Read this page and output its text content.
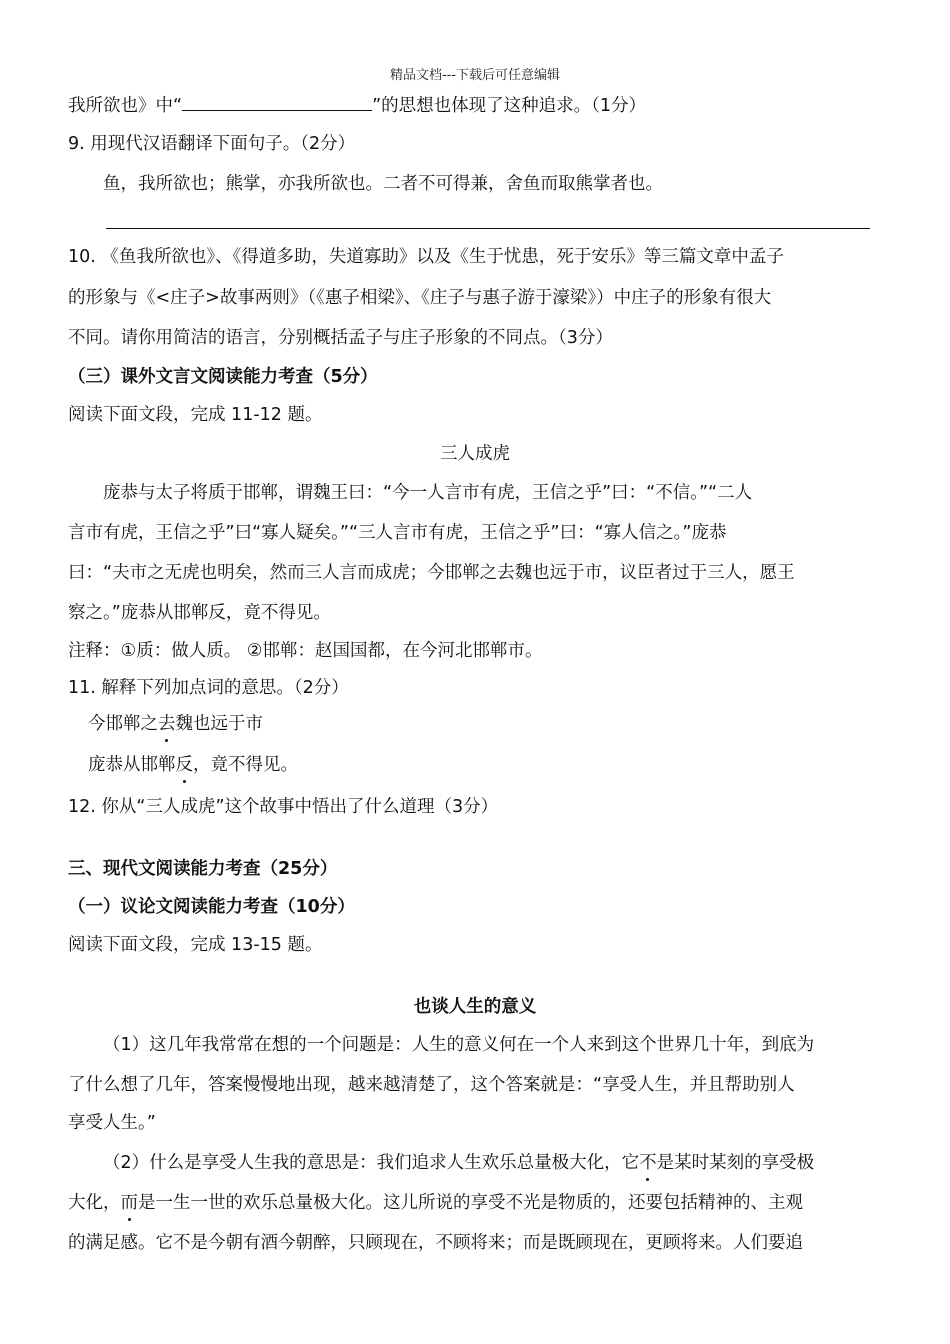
精品文档---下载后可任意编辑
我所欲也》中“	”的思想也体现了这种追求。（1分）
9. 用现代汉语翻译下面句子。（2分）
鱼，我所欲也；熊掌，亦我所欲也。二者不可得兼，舍鱼而取熊掌者也。
10. 《鱼我所欲也》、《得道多助，失道寡助》以及《生于忧患，死于安乐》等三篇文章中孟子
的形象与《<庄子>故事两则》（《惠子相梁》、《庄子与惠子游于濠梁》）中庄子的形象有很大
不同。请你用简洁的语言，分别概括孟子与庄子形象的不同点。（3分）
（三）课外文言文阅读能力考查（5分）
阅读下面文段，完成 11-12 题。
三人成虎
庞恭与太子将质于邯郸，谓魏王曰：“今一人言市有虎，王信之乎”曰：“不信。”“二人
言市有虎，王信之乎”曰“寡人疑矣。”“三人言市有虎，王信之乎”曰：“寡人信之。”庞恭
曰：“夫市之无虎也明矣，然而三人言而成虎；今邯郸之去魏也远于市，议臣者过于三人，愿王
察之。”庞恭从邯郸反，竟不得见。
注释：①质：做人质。 ②邯郸：赵国国都，在今河北邯郸市。
11. 解释下列加点词的意思。（2分）
今邯郸之去魏也远于市
庞恭从邯郸反，竟不得见。
12. 你从“三人成虎”这个故事中悟出了什么道理（3分）
三、现代文阅读能力考查（25分）
（一）议论文阅读能力考查（10分）
阅读下面文段，完成 13-15 题。
也谈人生的意义
（1）这几年我常常在想的一个问题是：人生的意义何在一个人来到这个世界几十年，到底为
了什么想了几年，答案慢慢地出现，越来越清楚了，这个答案就是：“享受人生，并且帮助别人
享受人生。”
（2）什么是享受人生我的意思是：我们追求人生欢乐总量极大化，它不是某时某刻的享受极
大化，而是一生一世的欢乐总量极大化。这儿所说的享受不光是物质的，还要包括精神的、主观
的满足感。它不是今朝有酒今朝醉，只顾现在，不顾将来；而是既顾现在，更顾将来。人们要追
